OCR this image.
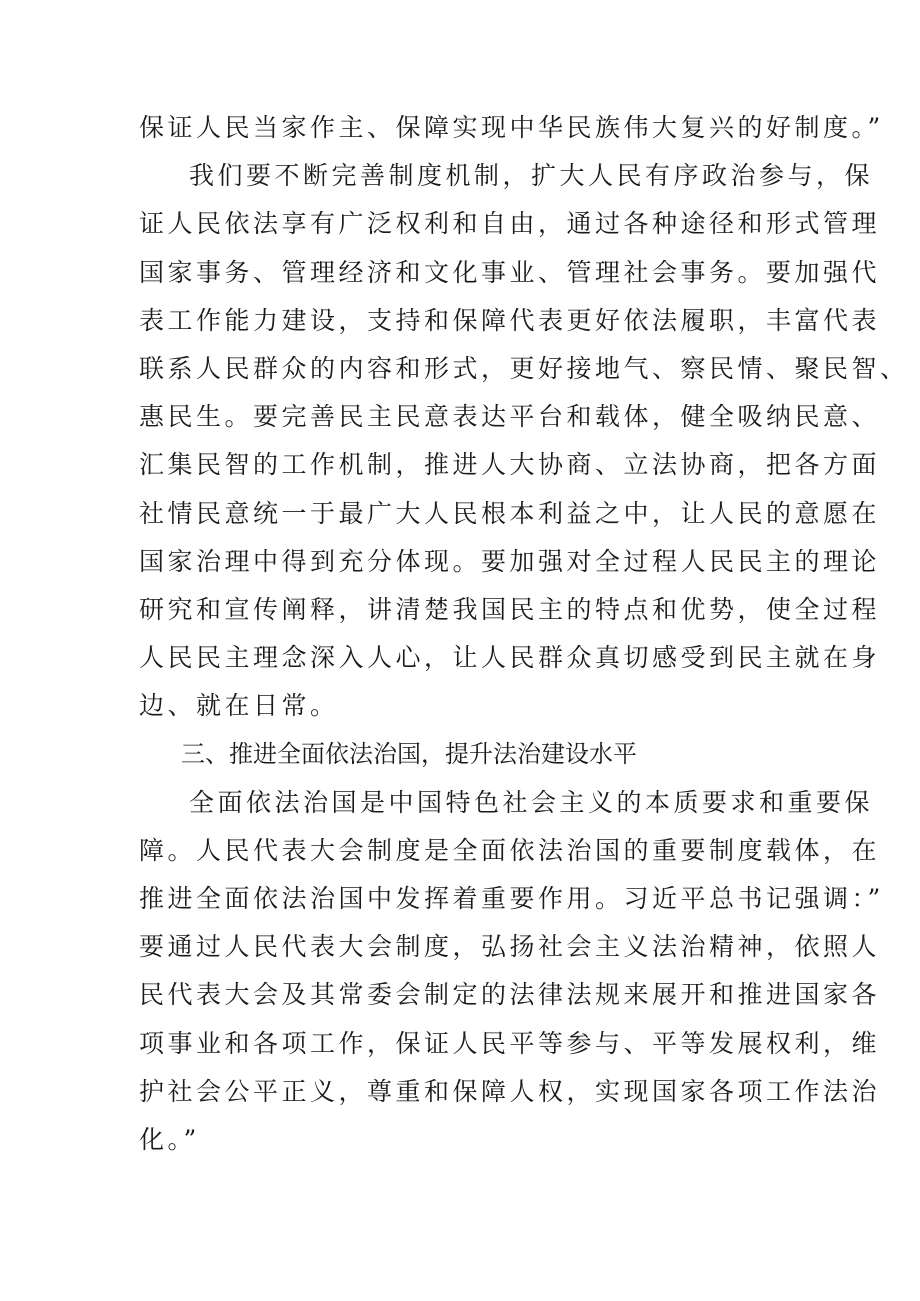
保证人民当家作主、保障实现中华民族伟大复兴的好制度。”
我们要不断完善制度机制，扩大人民有序政治参与，保
证人民依法享有广泛权利和自由，通过各种途径和形式管理
国家事务、管理经济和文化事业、管理社会事务。要加强代
表工作能力建设，支持和保障代表更好依法履职，丰富代表
联系人民群众的内容和形式，更好接地气、察民情、聚民智、
惠民生。要完善民主民意表达平台和载体，健全吸纳民意、
汇集民智的工作机制，推进人大协商、立法协商，把各方面
社情民意统一于最广大人民根本利益之中，让人民的意愿在
国家治理中得到充分体现。要加强对全过程人民民主的理论
研究和宣传阐释，讲清楚我国民主的特点和优势，使全过程
人民民主理念深入人心，让人民群众真切感受到民主就在身
边、就在日常。
三、推进全面依法治国，提升法治建设水平
全面依法治国是中国特色社会主义的本质要求和重要保
障。人民代表大会制度是全面依法治国的重要制度载体，在
推进全面依法治国中发挥着重要作用。习近平总书记强调：”
要通过人民代表大会制度，弘扬社会主义法治精神，依照人
民代表大会及其常委会制定的法律法规来展开和推进国家各
项事业和各项工作，保证人民平等参与、平等发展权利，维
护社会公平正义，尊重和保障人权，实现国家各项工作法治
化。”
